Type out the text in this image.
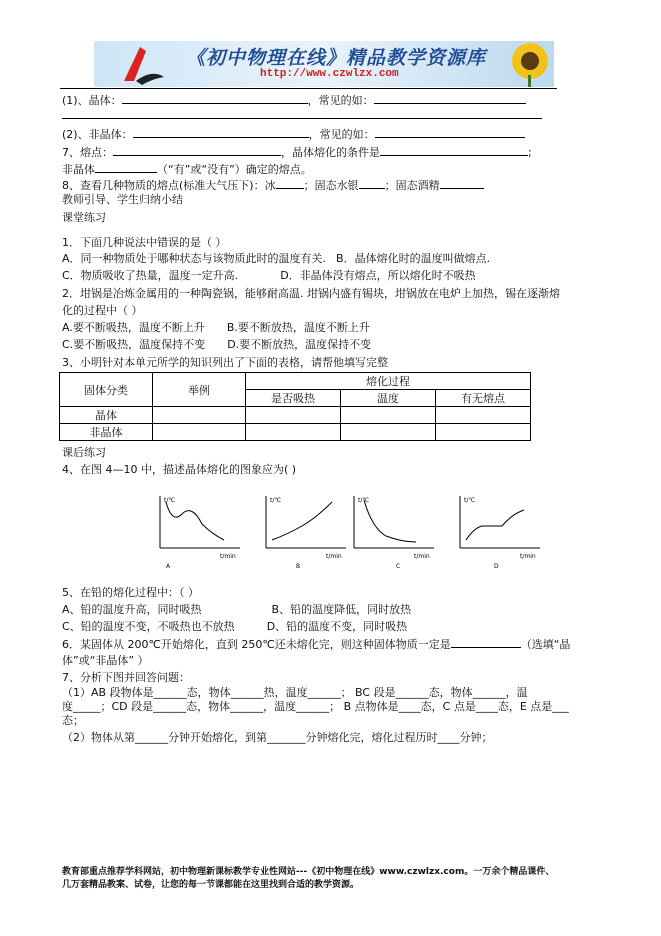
《初中物理在线》精品教学资源库
http://www.czwlzx.com
(1)、晶体：	，常见的如：
(2)、非晶体：	，常见的如：
7、熔点：	，晶体熔化的条件是	;
非晶体	（“有”或“没有”）确定的熔点。
8、查看几种物质的熔点(标准大气压下)：冰	；固态水银 ；固态酒精
教师引导、学生归纳小结
课堂练习
1．下面几种说法中错误的是（ ）
A．同一种物质处于哪种状态与该物质此时的温度有关. B．晶体熔化时的温度叫做熔点.
C．物质吸收了热量，温度一定升高.	D．非晶体没有熔点，所以熔化时不吸热
2．坩锅是冶炼金属用的一种陶瓷锅，能够耐高温. 坩锅内盛有锡块，坩锅放在电炉上加热，锡在逐渐熔
化的过程中（ ）
A.要不断吸热，温度不断上升 B.要不断放热，温度不断上升
C.要不断吸热，温度保持不变 D.要不断放热，温度保持不变
3、小明针对本单元所学的知识列出了下面的表格，请帮他填写完整
固体分类	举例	熔化过程		
		是否吸热	温度	有无熔点
晶体				
非晶体				
课后练习
4、在图 4—10 中，描述晶体熔化的图象应为( )
t/℃
t/min
A
t/℃
t/min
B
t/℃
t/min
C
t/℃
t/min
D
5、在铅的熔化过程中：（ ）
A、铅的温度升高，同时吸热	B、铅的温度降低，同时放热
C、铅的温度不变，不吸热也不放热	D、铅的温度不变，同时吸热
6．某固体从 200℃开始熔化，直到 250℃还未熔化完，则这种固体物质一定是	（选填“晶
体”或“非晶体” ）
7、分析下图并回答问题：
（1）AB 段物体是______态，物体______热，温度______； BC 段是______态，物体______，温
度_____；CD 段是______态，物体______，温度______； B 点物体是____态，C 点是____态，E 点是___
态；
（2）物体从第______分钟开始熔化，到第_______分钟熔化完，熔化过程历时____分钟；
教育部重点推荐学科网站，初中物理新课标教学专业性网站---《初中物理在线》www.czwlzx.com。一万余个精品课件、
几万套精品教案、试卷，让您的每一节课都能在这里找到合适的教学资源。
